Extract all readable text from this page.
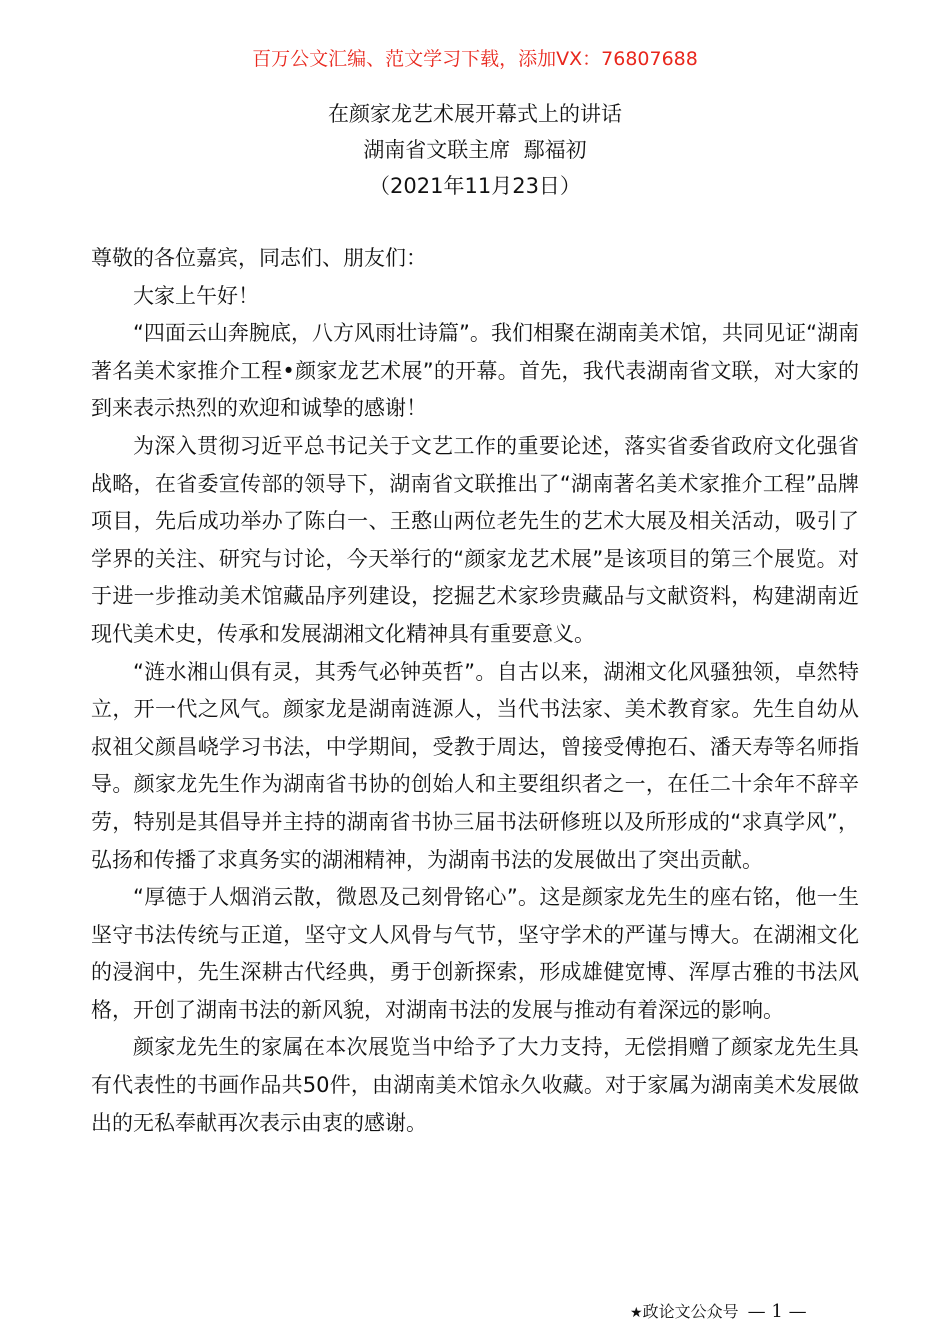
百万公文汇编、范文学习下载，添加VX：76807688
在颜家龙艺术展开幕式上的讲话
湖南省文联主席  鄢福初
（2021年11月23日）

尊敬的各位嘉宾，同志们、朋友们：

大家上午好！

“四面云山奔腕底，八方风雨壮诗篇”。我们相聚在湖南美术馆，共同见证“湖南著名美术家推介工程•颜家龙艺术展”的开幕。首先，我代表湖南省文联，对大家的到来表示热烈的欢迎和诚挚的感谢！

为深入贯彻习近平总书记关于文艺工作的重要论述，落实省委省政府文化强省战略，在省委宣传部的领导下，湖南省文联推出了“湖南著名美术家推介工程”品牌项目，先后成功举办了陈白一、王憨山两位老先生的艺术大展及相关活动，吸引了学界的关注、研究与讨论，今天举行的“颜家龙艺术展”是该项目的第三个展览。对于进一步推动美术馆藏品序列建设，挖掘艺术家珍贵藏品与文献资料，构建湖南近现代美术史，传承和发展湖湘文化精神具有重要意义。

“涟水湘山俱有灵，其秀气必钟英哲”。自古以来，湖湘文化风骚独领，卓然特立，开一代之风气。颜家龙是湖南涟源人，当代书法家、美术教育家。先生自幼从叔祖父颜昌峣学习书法，中学期间，受教于周达，曾接受傅抱石、潘天寿等名师指导。颜家龙先生作为湖南省书协的创始人和主要组织者之一，在任二十余年不辞辛劳，特别是其倡导并主持的湖南省书协三届书法研修班以及所形成的“求真学风”，弘扬和传播了求真务实的湖湘精神，为湖南书法的发展做出了突出贡献。

“厚德于人烟消云散，微恩及己刻骨铭心”。这是颜家龙先生的座右铭，他一生坚守书法传统与正道，坚守文人风骨与气节，坚守学术的严谨与博大。在湖湘文化的浸润中，先生深耕古代经典，勇于创新探索，形成雄健宽博、浑厚古雅的书法风格，开创了湖南书法的新风貌，对湖南书法的发展与推动有着深远的影响。

颜家龙先生的家属在本次展览当中给予了大力支持，无偿捐赠了颜家龙先生具有代表性的书画作品共50件，由湖南美术馆永久收藏。对于家属为湖南美术发展做出的无私奉献再次表示由衷的感谢。

★政论文公众号 — 1 —
